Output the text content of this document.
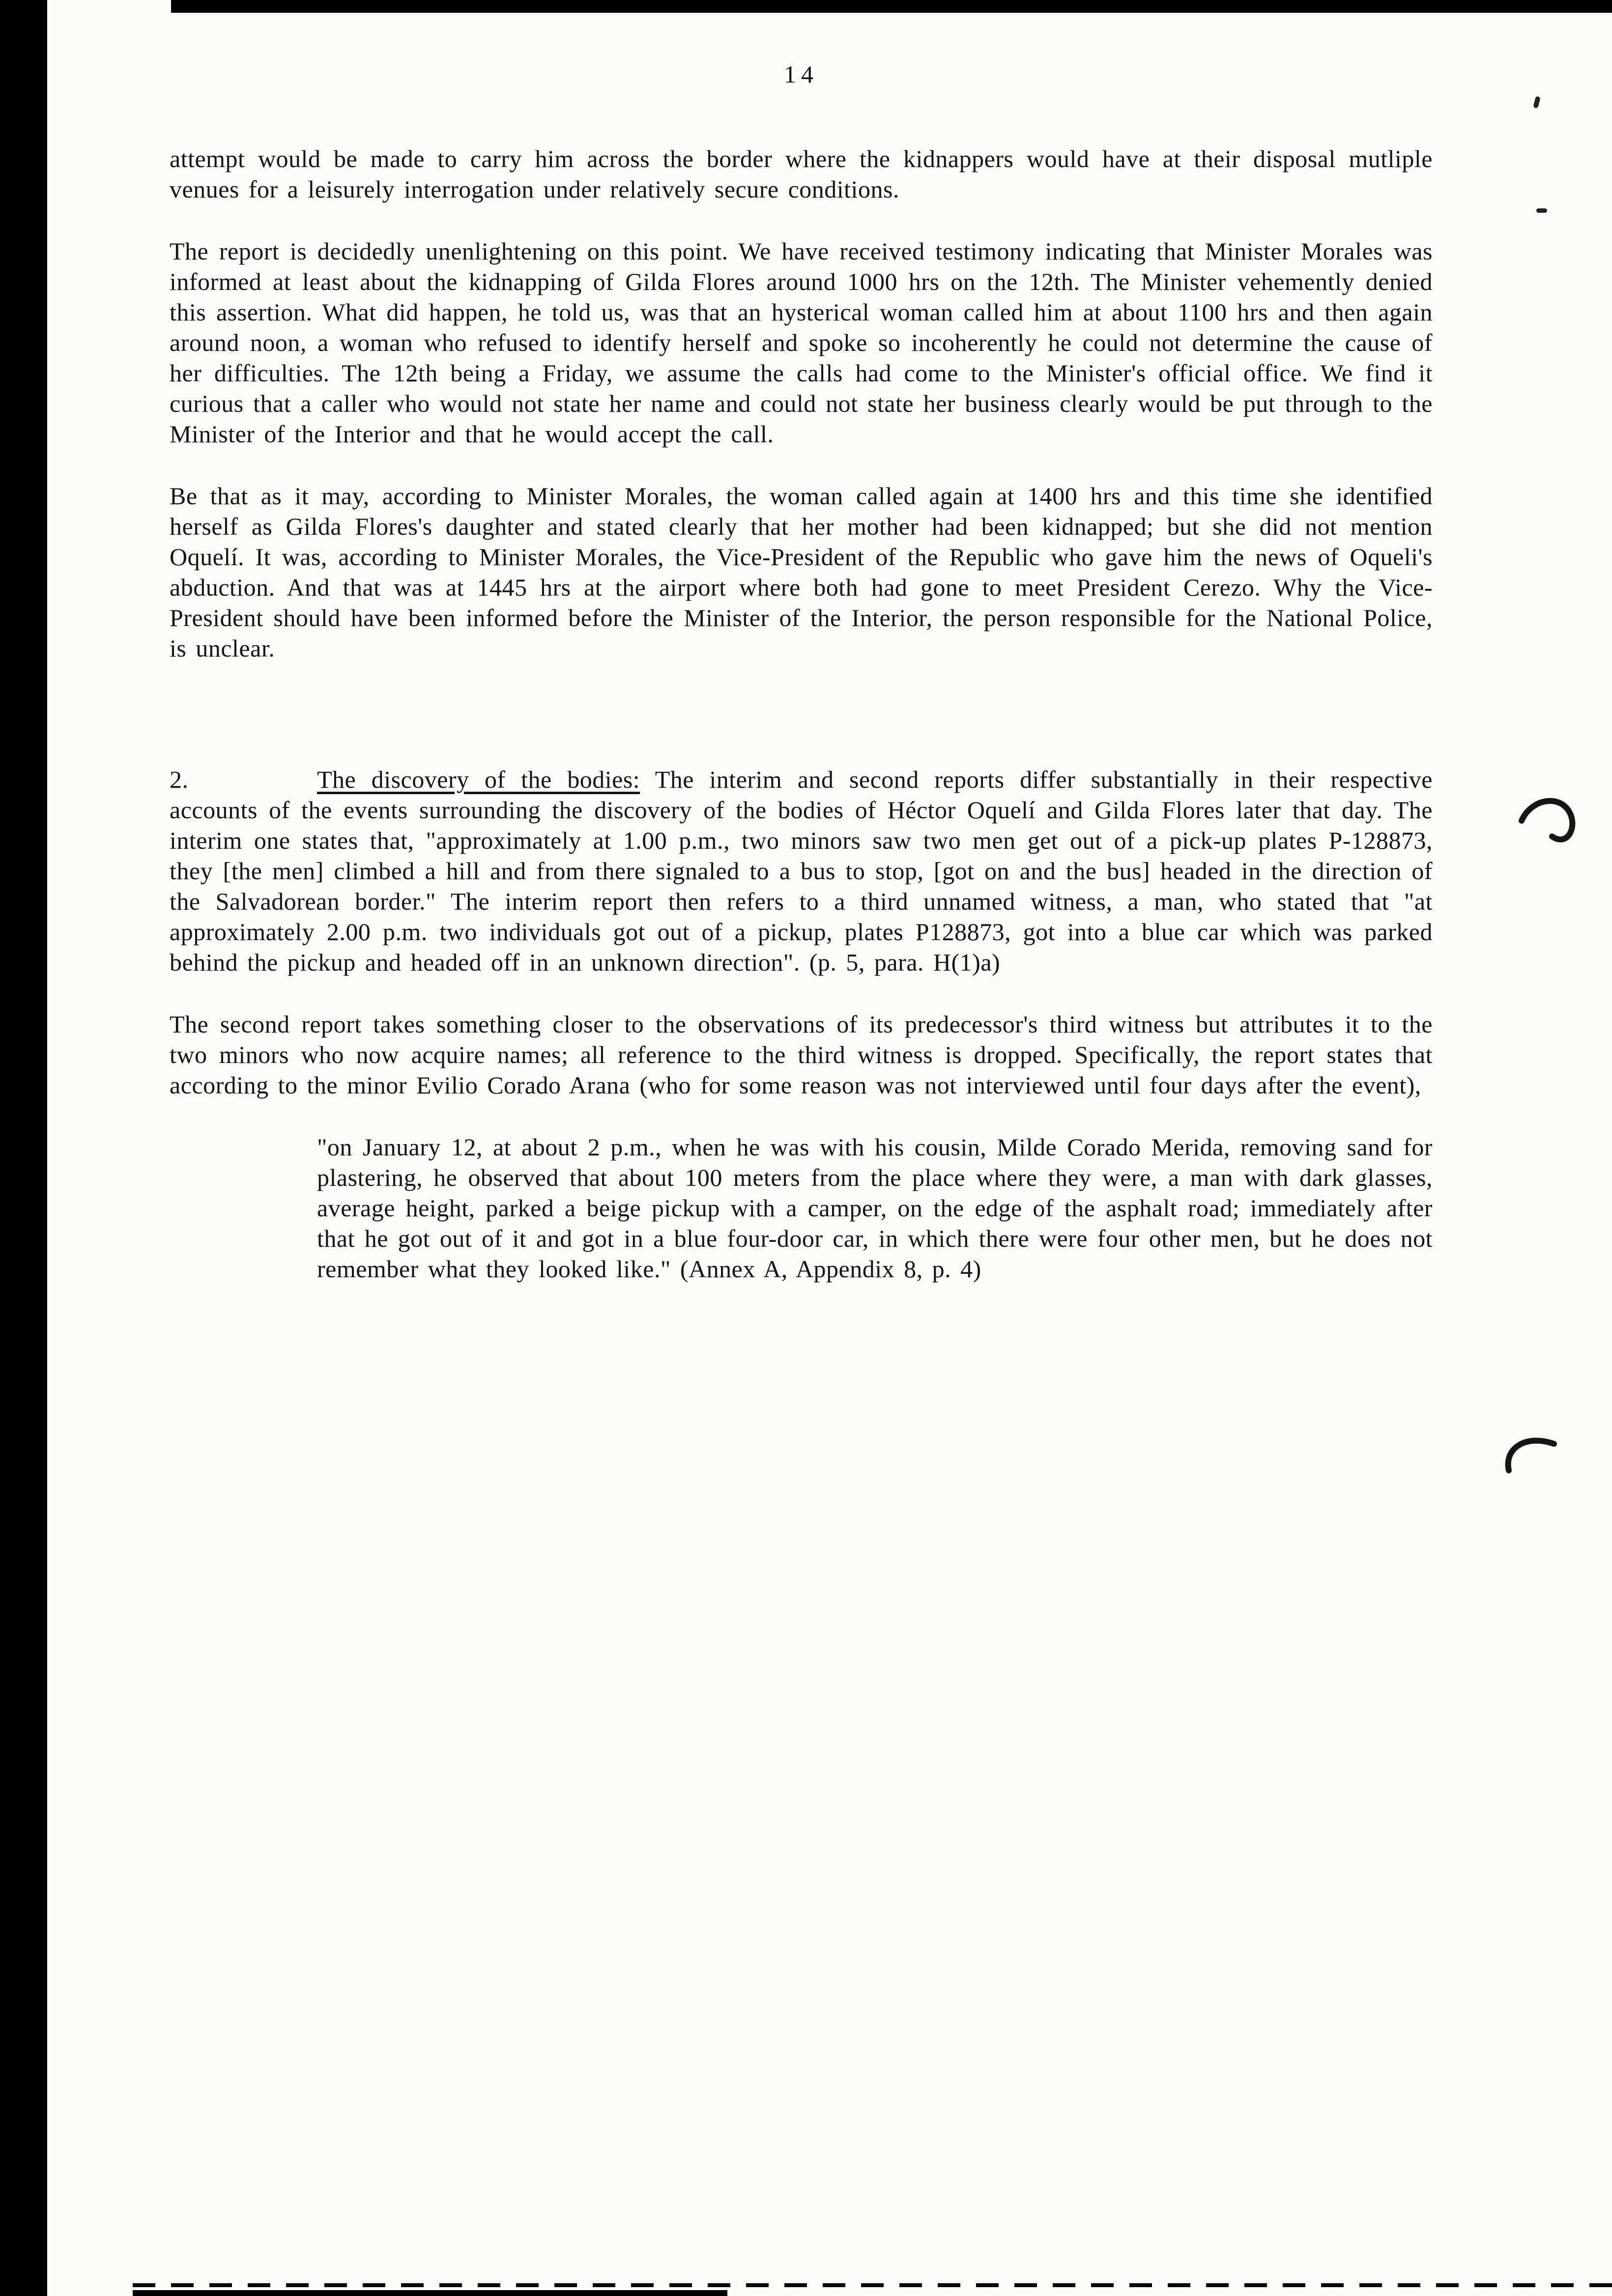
14

attempt would be made to carry him across the border where the kidnappers would have at their disposal mutliple venues for a leisurely interrogation under relatively secure conditions.

The report is decidedly unenlightening on this point. We have received testimony indicating that Minister Morales was informed at least about the kidnapping of Gilda Flores around 1000 hrs on the 12th. The Minister vehemently denied this assertion. What did happen, he told us, was that an hysterical woman called him at about 1100 hrs and then again around noon, a woman who refused to identify herself and spoke so incoherently he could not determine the cause of her difficulties. The 12th being a Friday, we assume the calls had come to the Minister's official office. We find it curious that a caller who would not state her name and could not state her business clearly would be put through to the Minister of the Interior and that he would accept the call.

Be that as it may, according to Minister Morales, the woman called again at 1400 hrs and this time she identified herself as Gilda Flores's daughter and stated clearly that her mother had been kidnapped; but she did not mention Oquelí. It was, according to Minister Morales, the Vice-President of the Republic who gave him the news of Oqueli's abduction. And that was at 1445 hrs at the airport where both had gone to meet President Cerezo. Why the Vice-President should have been informed before the Minister of the Interior, the person responsible for the National Police, is unclear.

2.	The discovery of the bodies: The interim and second reports differ substantially in their respective accounts of the events surrounding the discovery of the bodies of Héctor Oquelí and Gilda Flores later that day. The interim one states that, "approximately at 1.00 p.m., two minors saw two men get out of a pick-up plates P-128873, they [the men] climbed a hill and from there signaled to a bus to stop, [got on and the bus] headed in the direction of the Salvadorean border." The interim report then refers to a third unnamed witness, a man, who stated that "at approximately 2.00 p.m. two individuals got out of a pickup, plates P128873, got into a blue car which was parked behind the pickup and headed off in an unknown direction". (p. 5, para. H(1)a)

The second report takes something closer to the observations of its predecessor's third witness but attributes it to the two minors who now acquire names; all reference to the third witness is dropped. Specifically, the report states that according to the minor Evilio Corado Arana (who for some reason was not interviewed until four days after the event),

"on January 12, at about 2 p.m., when he was with his cousin, Milde Corado Merida, removing sand for plastering, he observed that about 100 meters from the place where they were, a man with dark glasses, average height, parked a beige pickup with a camper, on the edge of the asphalt road; immediately after that he got out of it and got in a blue four-door car, in which there were four other men, but he does not remember what they looked like." (Annex A, Appendix 8, p. 4)
